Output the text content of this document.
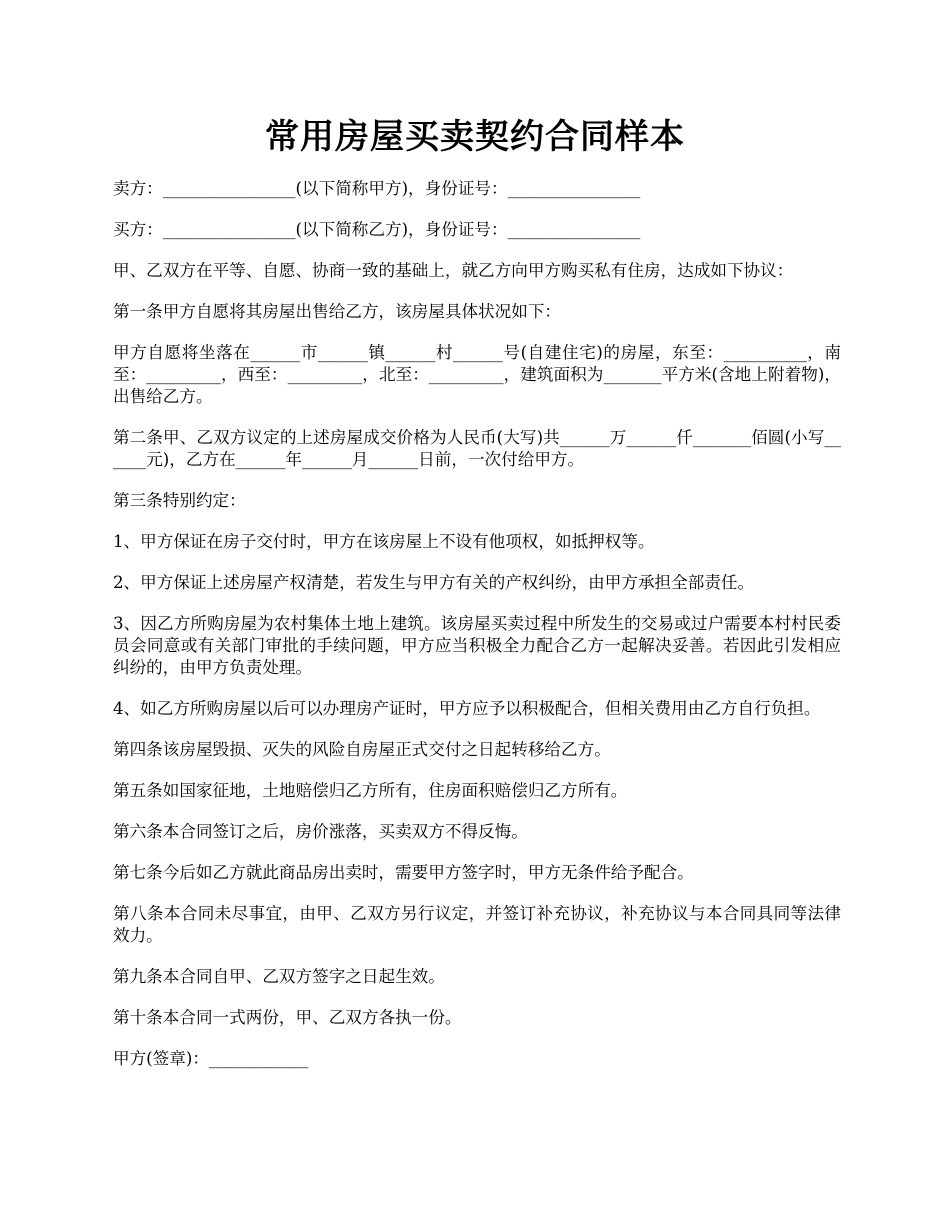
常用房屋买卖契约合同样本

卖方：________________(以下简称甲方)，身份证号：________________

买方：________________(以下简称乙方)，身份证号：________________

甲、乙双方在平等、自愿、协商一致的基础上，就乙方向甲方购买私有住房，达成如下协议：

第一条甲方自愿将其房屋出售给乙方，该房屋具体状况如下：

甲方自愿将坐落在______市______镇______村______号(自建住宅)的房屋，东至：__________，南至：_________，西至：_________，北至：_________，建筑面积为_______平方米(含地上附着物)，出售给乙方。

第二条甲、乙双方议定的上述房屋成交价格为人民币(大写)共______万______仟_______佰圆(小写______元)，乙方在______年______月______日前，一次付给甲方。

第三条特别约定：

1、甲方保证在房子交付时，甲方在该房屋上不设有他项权，如抵押权等。

2、甲方保证上述房屋产权清楚，若发生与甲方有关的产权纠纷，由甲方承担全部责任。

3、因乙方所购房屋为农村集体土地上建筑。该房屋买卖过程中所发生的交易或过户需要本村村民委员会同意或有关部门审批的手续问题，甲方应当积极全力配合乙方一起解决妥善。若因此引发相应纠纷的，由甲方负责处理。

4、如乙方所购房屋以后可以办理房产证时，甲方应予以积极配合，但相关费用由乙方自行负担。

第四条该房屋毁损、灭失的风险自房屋正式交付之日起转移给乙方。

第五条如国家征地，土地赔偿归乙方所有，住房面积赔偿归乙方所有。

第六条本合同签订之后，房价涨落，买卖双方不得反悔。

第七条今后如乙方就此商品房出卖时，需要甲方签字时，甲方无条件给予配合。

第八条本合同未尽事宜，由甲、乙双方另行议定，并签订补充协议，补充协议与本合同具同等法律效力。

第九条本合同自甲、乙双方签字之日起生效。

第十条本合同一式两份，甲、乙双方各执一份。

甲方(签章)：____________
